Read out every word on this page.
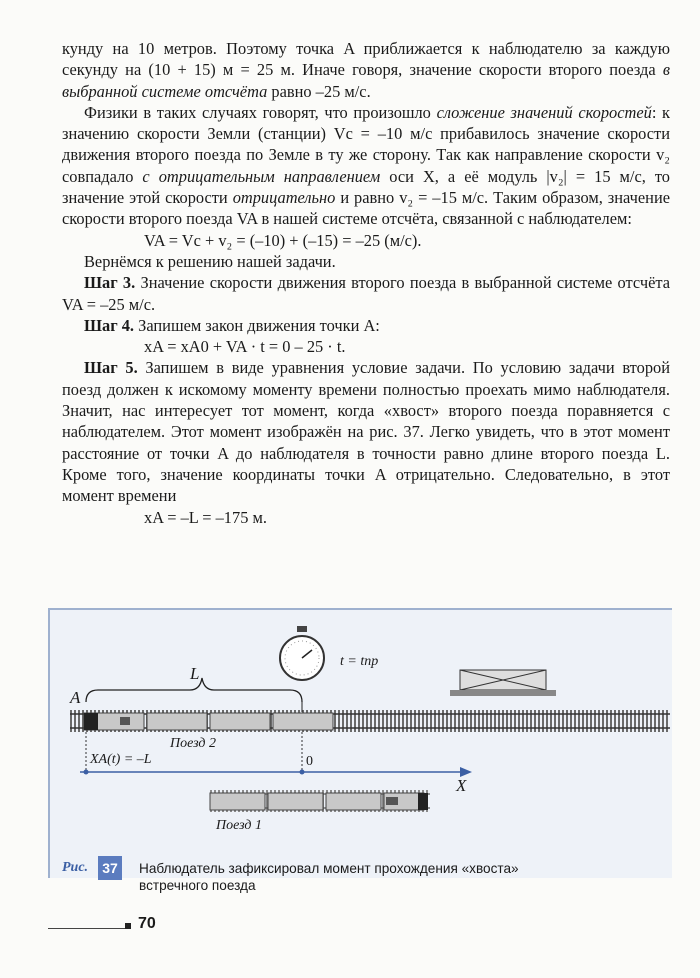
кунду на 10 метров. Поэтому точка A приближается к наблюдателю за каждую секунду на (10 + 15) м = 25 м. Иначе говоря, значение скорости второго поезда в выбранной системе отсчёта равно –25 м/с.

Физики в таких случаях говорят, что произошло сложение значений скоростей: к значению скорости Земли (станции) Vс = –10 м/с прибавилось значение скорости движения второго поезда по Земле в ту же сторону. Так как направление скорости v₂ совпадало с отрицательным направлением оси X, а её модуль |v₂| = 15 м/с, то значение этой скорости отрицательно и равно v₂ = –15 м/с. Таким образом, значение скорости второго поезда VA в нашей системе отсчёта, связанной с наблюдателем:

VA = Vс + v₂ = (–10) + (–15) = –25 (м/с).

Вернёмся к решению нашей задачи.

Шаг 3. Значение скорости движения второго поезда в выбранной системе отсчёта VA = –25 м/с.

Шаг 4. Запишем закон движения точки A:

xA = xA0 + VA · t = 0 – 25 · t.

Шаг 5. Запишем в виде уравнения условие задачи. По условию задачи второй поезд должен к искомому моменту времени полностью проехать мимо наблюдателя. Значит, нас интересует тот момент, когда «хвост» второго поезда поравняется с наблюдателем. Этот момент изображён на рис. 37. Легко увидеть, что в этот момент расстояние от точки A до наблюдателя в точности равно длине второго поезда L. Кроме того, значение координаты точки A отрицательно. Следовательно, в этот момент времени

xA = –L = –175 м.

L
A
t = tпр
Поезд 2
XA(t) = –L	0
X
Поезд 1
Рис.	37	Наблюдатель зафиксировал момент прохождения «хвоста» встречного поезда
70
